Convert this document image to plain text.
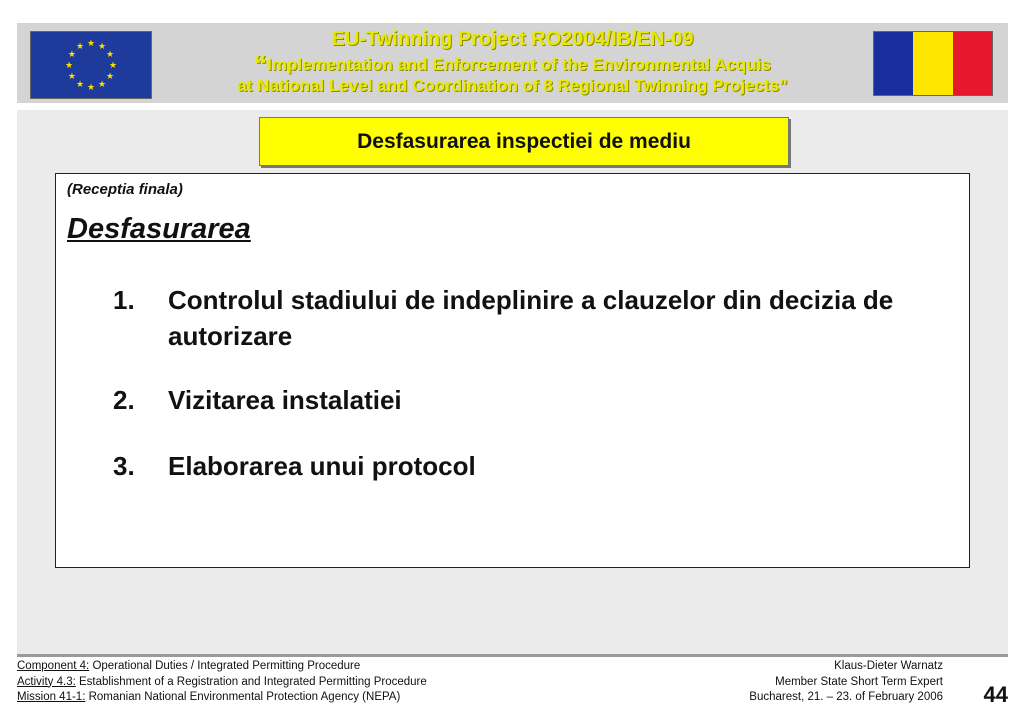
★ ★
★
★
★
★
★
★
★
★
★
★	EU-Twinning Project RO2004/IB/EN-09
“Implementation and Enforcement of the Environmental Acquis
at National Level and Coordination of 8 Regional Twinning Projects”
Desfasurarea inspectiei de mediu
(Receptia finala)
Desfasurarea
1.	Controlul stadiului de indeplinire a clauzelor din decizia de autorizare
2.	Vizitarea instalatiei
3.	Elaborarea unui protocol
Component 4: Operational Duties / Integrated Permitting Procedure
Activity 4.3: Establishment of a Registration and Integrated Permitting Procedure
Mission 41-1: Romanian National Environmental Protection Agency (NEPA)
Klaus-Dieter Warnatz
Member State Short Term Expert
Bucharest, 21. – 23. of February 2006 44
